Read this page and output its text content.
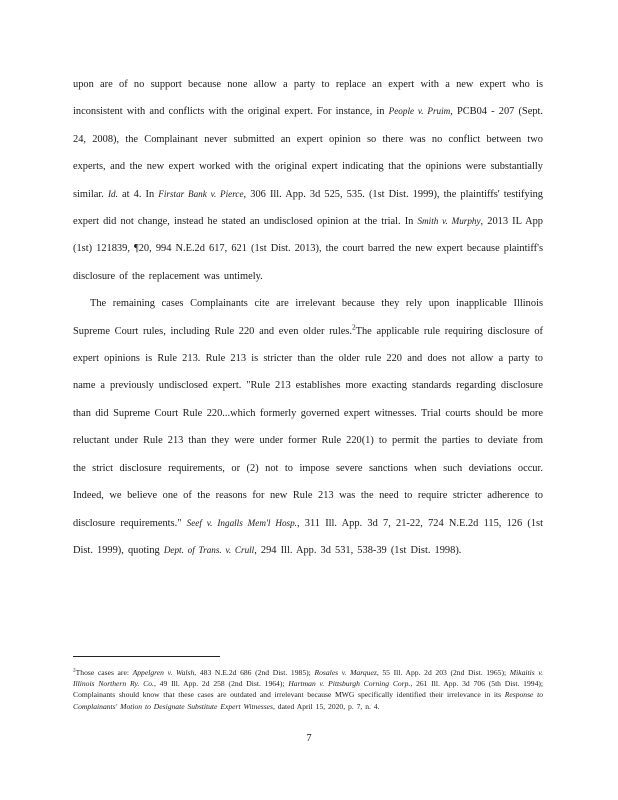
upon are of no support because none allow a party to replace an expert with a new expert who is inconsistent with and conflicts with the original expert. For instance, in People v. Pruim, PCB04 - 207 (Sept. 24, 2008), the Complainant never submitted an expert opinion so there was no conflict between two experts, and the new expert worked with the original expert indicating that the opinions were substantially similar. Id. at 4. In Firstar Bank v. Pierce, 306 Ill. App. 3d 525, 535. (1st Dist. 1999), the plaintiffs' testifying expert did not change, instead he stated an undisclosed opinion at the trial. In Smith v. Murphy, 2013 IL App (1st) 121839, ¶20, 994 N.E.2d 617, 621 (1st Dist. 2013), the court barred the new expert because plaintiff's disclosure of the replacement was untimely.

The remaining cases Complainants cite are irrelevant because they rely upon inapplicable Illinois Supreme Court rules, including Rule 220 and even older rules.$^2$The applicable rule requiring disclosure of expert opinions is Rule 213. Rule 213 is stricter than the older rule 220 and does not allow a party to name a previously undisclosed expert. "Rule 213 establishes more exacting standards regarding disclosure than did Supreme Court Rule 220...which formerly governed expert witnesses. Trial courts should be more reluctant under Rule 213 than they were under former Rule 220(1) to permit the parties to deviate from the strict disclosure requirements, or (2) not to impose severe sanctions when such deviations occur. Indeed, we believe one of the reasons for new Rule 213 was the need to require stricter adherence to disclosure requirements." Seef v. Ingalls Mem'l Hosp., 311 Ill. App. 3d 7, 21-22, 724 N.E.2d 115, 126 (1st Dist. 1999), quoting Dept. of Trans. v. Crull, 294 Ill. App. 3d 531, 538-39 (1st Dist. 1998).

$^2$Those cases are: Appelgren v. Walsh, 483 N.E.2d 686 (2nd Dist. 1985); Rosales v. Marquez, 55 Ill. App. 2d 203 (2nd Dist. 1965); Mikaitis v. Illinois Northern Ry. Co., 49 Ill. App. 2d 258 (2nd Dist. 1964); Hartman v. Pittsburgh Corning Corp., 261 Ill. App. 3d 706 (5th Dist. 1994); Complainants should know that these cases are outdated and irrelevant because MWG specifically identified their irrelevance in its Response to Complainants' Motion to Designate Substitute Expert Witnesses, dated April 15, 2020, p. 7, n. 4.
7
